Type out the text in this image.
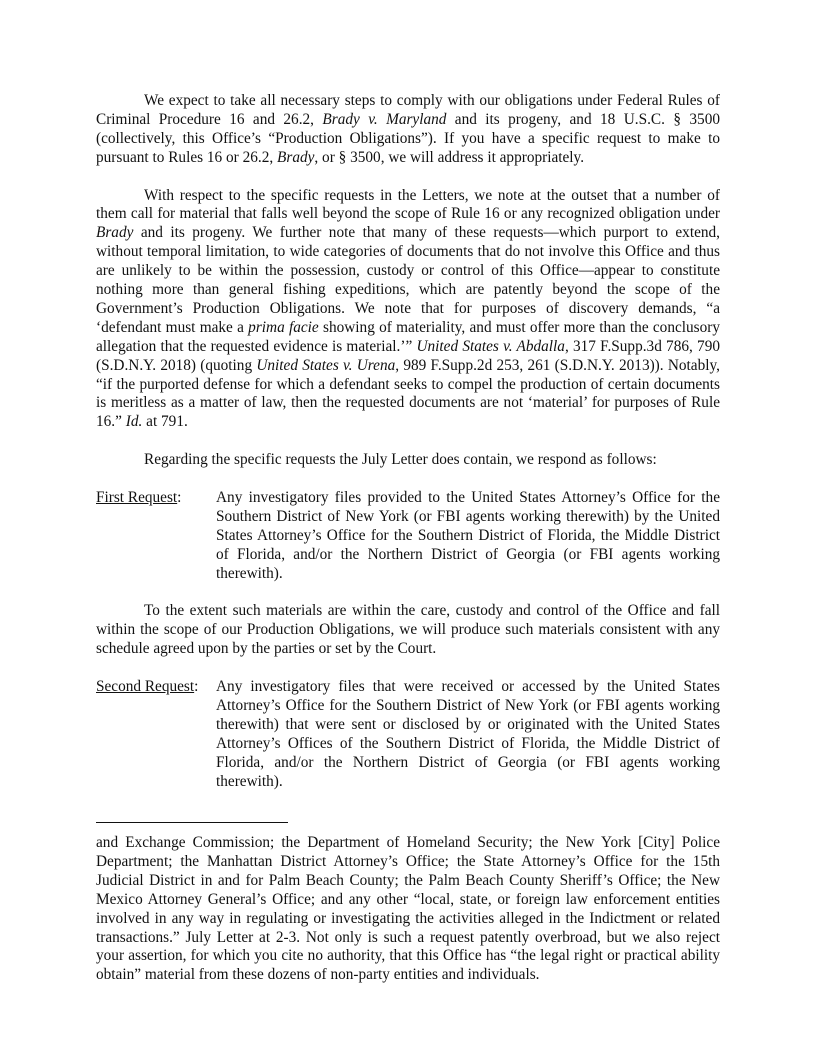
We expect to take all necessary steps to comply with our obligations under Federal Rules of Criminal Procedure 16 and 26.2, Brady v. Maryland and its progeny, and 18 U.S.C. § 3500 (collectively, this Office’s “Production Obligations”). If you have a specific request to make to pursuant to Rules 16 or 26.2, Brady, or § 3500, we will address it appropriately.

With respect to the specific requests in the Letters, we note at the outset that a number of them call for material that falls well beyond the scope of Rule 16 or any recognized obligation under Brady and its progeny. We further note that many of these requests—which purport to extend, without temporal limitation, to wide categories of documents that do not involve this Office and thus are unlikely to be within the possession, custody or control of this Office—appear to constitute nothing more than general fishing expeditions, which are patently beyond the scope of the Government’s Production Obligations. We note that for purposes of discovery demands, “a ‘defendant must make a prima facie showing of materiality, and must offer more than the conclusory allegation that the requested evidence is material.’” United States v. Abdalla, 317 F.Supp.3d 786, 790 (S.D.N.Y. 2018) (quoting United States v. Urena, 989 F.Supp.2d 253, 261 (S.D.N.Y. 2013)). Notably, “if the purported defense for which a defendant seeks to compel the production of certain documents is meritless as a matter of law, then the requested documents are not ‘material’ for purposes of Rule 16.” Id. at 791.

Regarding the specific requests the July Letter does contain, we respond as follows:

First Request:	Any investigatory files provided to the United States Attorney’s Office for the Southern District of New York (or FBI agents working therewith) by the United States Attorney’s Office for the Southern District of Florida, the Middle District of Florida, and/or the Northern District of Georgia (or FBI agents working therewith).

To the extent such materials are within the care, custody and control of the Office and fall within the scope of our Production Obligations, we will produce such materials consistent with any schedule agreed upon by the parties or set by the Court.

Second Request:	Any investigatory files that were received or accessed by the United States Attorney’s Office for the Southern District of New York (or FBI agents working therewith) that were sent or disclosed by or originated with the United States Attorney’s Offices of the Southern District of Florida, the Middle District of Florida, and/or the Northern District of Georgia (or FBI agents working therewith).
and Exchange Commission; the Department of Homeland Security; the New York [City] Police Department; the Manhattan District Attorney’s Office; the State Attorney’s Office for the 15th Judicial District in and for Palm Beach County; the Palm Beach County Sheriff’s Office; the New Mexico Attorney General’s Office; and any other “local, state, or foreign law enforcement entities involved in any way in regulating or investigating the activities alleged in the Indictment or related transactions.” July Letter at 2-3. Not only is such a request patently overbroad, but we also reject your assertion, for which you cite no authority, that this Office has “the legal right or practical ability obtain” material from these dozens of non-party entities and individuals.
